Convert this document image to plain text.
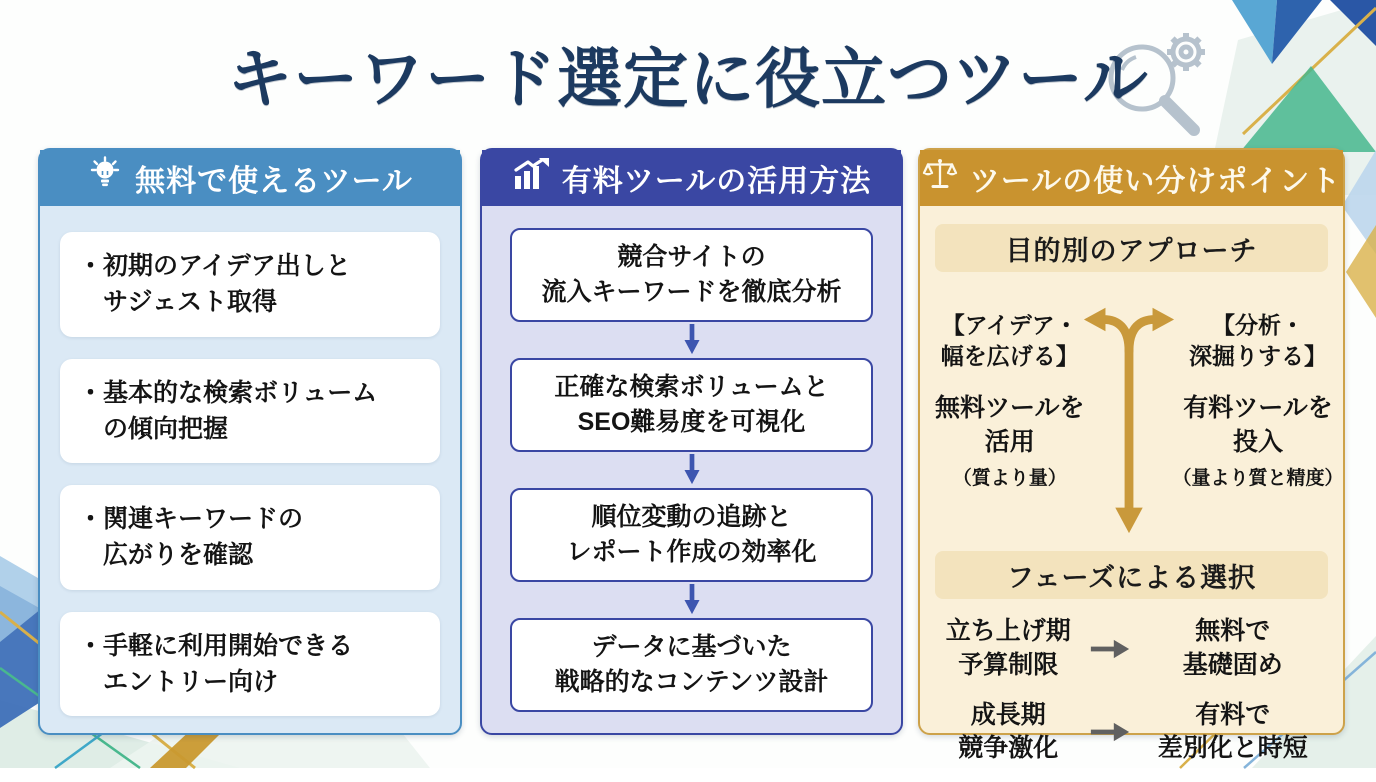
キーワード選定に役立つツール
無料で使えるツール
・初期のアイデア出しと
サジェスト取得
・基本的な検索ボリューム
の傾向把握
・関連キーワードの
広がりを確認
・手軽に利用開始できる
エントリー向け
有料ツールの活用方法
競合サイトの
流入キーワードを徹底分析
正確な検索ボリュームと
SEO難易度を可視化
順位変動の追跡と
レポート作成の効率化
データに基づいた
戦略的なコンテンツ設計
ツールの使い分けポイント
目的別のアプローチ
【アイデア・
幅を広げる】
無料ツールを
活用
（質より量）
【分析・
深掘りする】
有料ツールを
投入
（量より質と精度）
フェーズによる選択
立ち上げ期
予算制限
無料で
基礎固め
成長期
競争激化
有料で
差別化と時短
